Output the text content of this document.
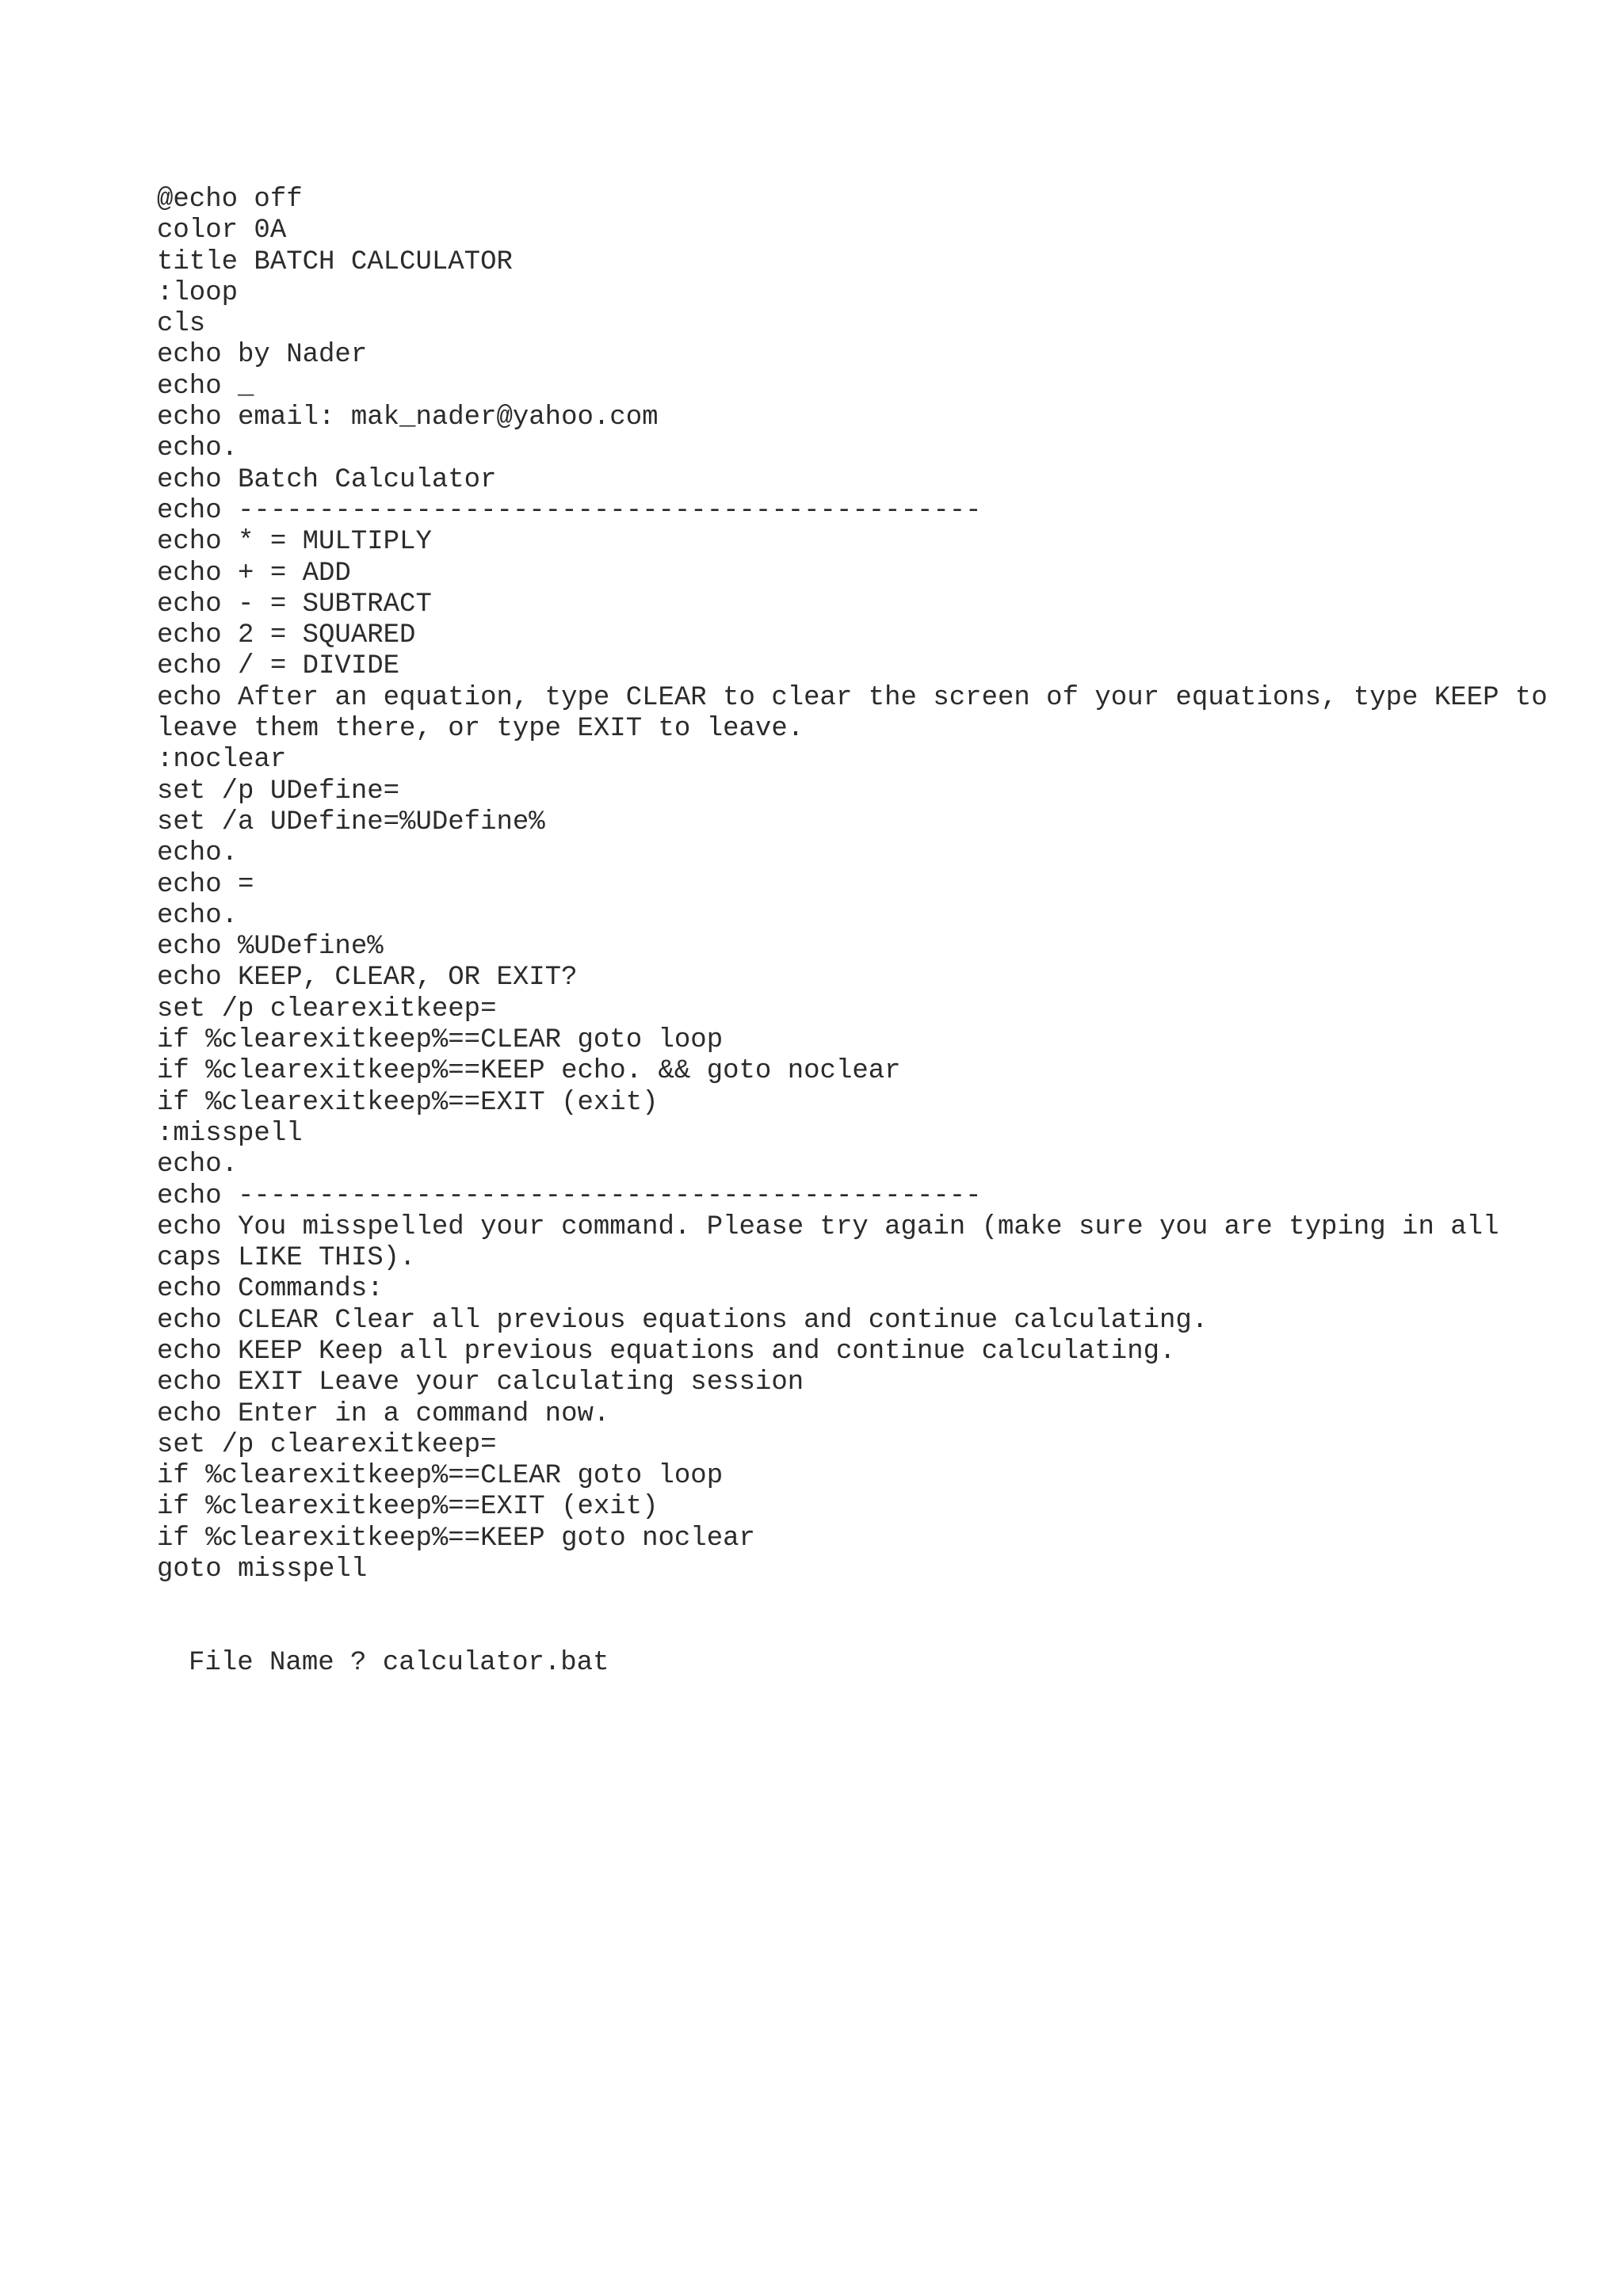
@echo off
color 0A
title BATCH CALCULATOR
:loop
cls
echo by Nader
echo _
echo email: mak_nader@yahoo.com
echo.
echo Batch Calculator
echo ----------------------------------------------
echo * = MULTIPLY
echo + = ADD
echo - = SUBTRACT
echo 2 = SQUARED
echo / = DIVIDE
echo After an equation, type CLEAR to clear the screen of your equations, type KEEP to leave them there, or type EXIT to leave.
:noclear
set /p UDefine=
set /a UDefine=%UDefine%
echo.
echo =
echo.
echo %UDefine%
echo KEEP, CLEAR, OR EXIT?
set /p clearexitkeep=
if %clearexitkeep%==CLEAR goto loop
if %clearexitkeep%==KEEP echo. && goto noclear
if %clearexitkeep%==EXIT (exit)
:misspell
echo.
echo ----------------------------------------------
echo You misspelled your command. Please try again (make sure you are typing in all caps LIKE THIS).
echo Commands:
echo CLEAR Clear all previous equations and continue calculating.
echo KEEP Keep all previous equations and continue calculating.
echo EXIT Leave your calculating session
echo Enter in a command now.
set /p clearexitkeep=
if %clearexitkeep%==CLEAR goto loop
if %clearexitkeep%==EXIT (exit)
if %clearexitkeep%==KEEP goto noclear
goto misspell
File Name ? calculator.bat
